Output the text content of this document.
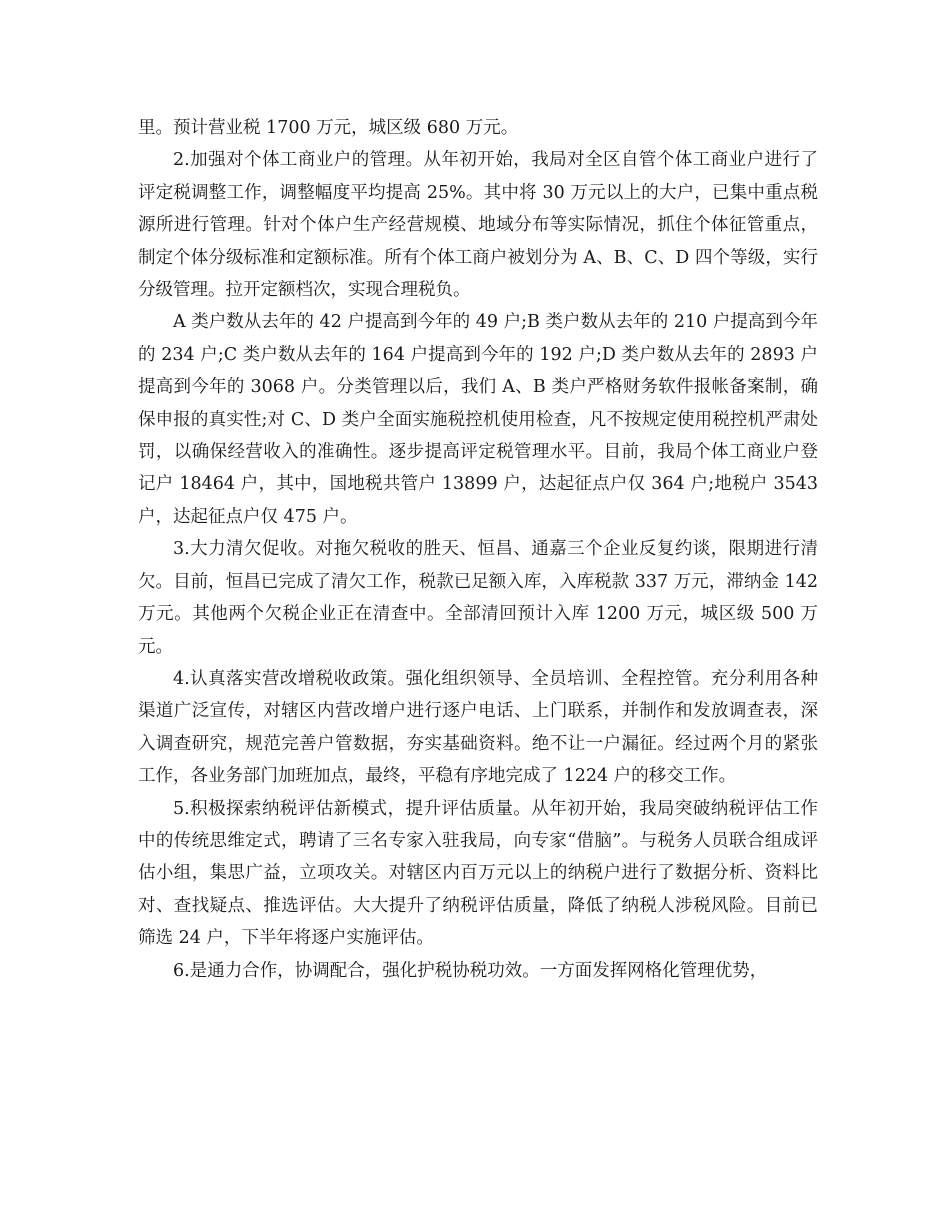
里。预计营业税 1700 万元，城区级 680 万元。

2.加强对个体工商业户的管理。从年初开始，我局对全区自管个体工商业户进行了评定税调整工作，调整幅度平均提高 25%。其中将 30 万元以上的大户，已集中重点税源所进行管理。针对个体户生产经营规模、地域分布等实际情况，抓住个体征管重点，制定个体分级标准和定额标准。所有个体工商户被划分为 A、B、C、D 四个等级，实行分级管理。拉开定额档次，实现合理税负。

A 类户数从去年的 42 户提高到今年的 49 户;B 类户数从去年的 210 户提高到今年的 234 户;C 类户数从去年的 164 户提高到今年的 192 户;D 类户数从去年的 2893 户提高到今年的 3068 户。分类管理以后，我们 A、B 类户严格财务软件报帐备案制，确保申报的真实性;对 C、D 类户全面实施税控机使用检查，凡不按规定使用税控机严肃处罚，以确保经营收入的准确性。逐步提高评定税管理水平。目前，我局个体工商业户登记户 18464 户，其中，国地税共管户 13899 户，达起征点户仅 364 户;地税户 3543 户，达起征点户仅 475 户。

3.大力清欠促收。对拖欠税收的胜天、恒昌、通嘉三个企业反复约谈，限期进行清欠。目前，恒昌已完成了清欠工作，税款已足额入库，入库税款 337 万元，滞纳金 142 万元。其他两个欠税企业正在清查中。全部清回预计入库 1200 万元，城区级 500 万元。

4.认真落实营改增税收政策。强化组织领导、全员培训、全程控管。充分利用各种渠道广泛宣传，对辖区内营改增户进行逐户电话、上门联系，并制作和发放调查表，深入调查研究，规范完善户管数据，夯实基础资料。绝不让一户漏征。经过两个月的紧张工作，各业务部门加班加点，最终，平稳有序地完成了 1224 户的移交工作。

5.积极探索纳税评估新模式，提升评估质量。从年初开始，我局突破纳税评估工作中的传统思维定式，聘请了三名专家入驻我局，向专家“借脑”。与税务人员联合组成评估小组，集思广益，立项攻关。对辖区内百万元以上的纳税户进行了数据分析、资料比对、查找疑点、推选评估。大大提升了纳税评估质量，降低了纳税人涉税风险。目前已筛选 24 户，下半年将逐户实施评估。

6.是通力合作，协调配合，强化护税协税功效。一方面发挥网格化管理优势，
